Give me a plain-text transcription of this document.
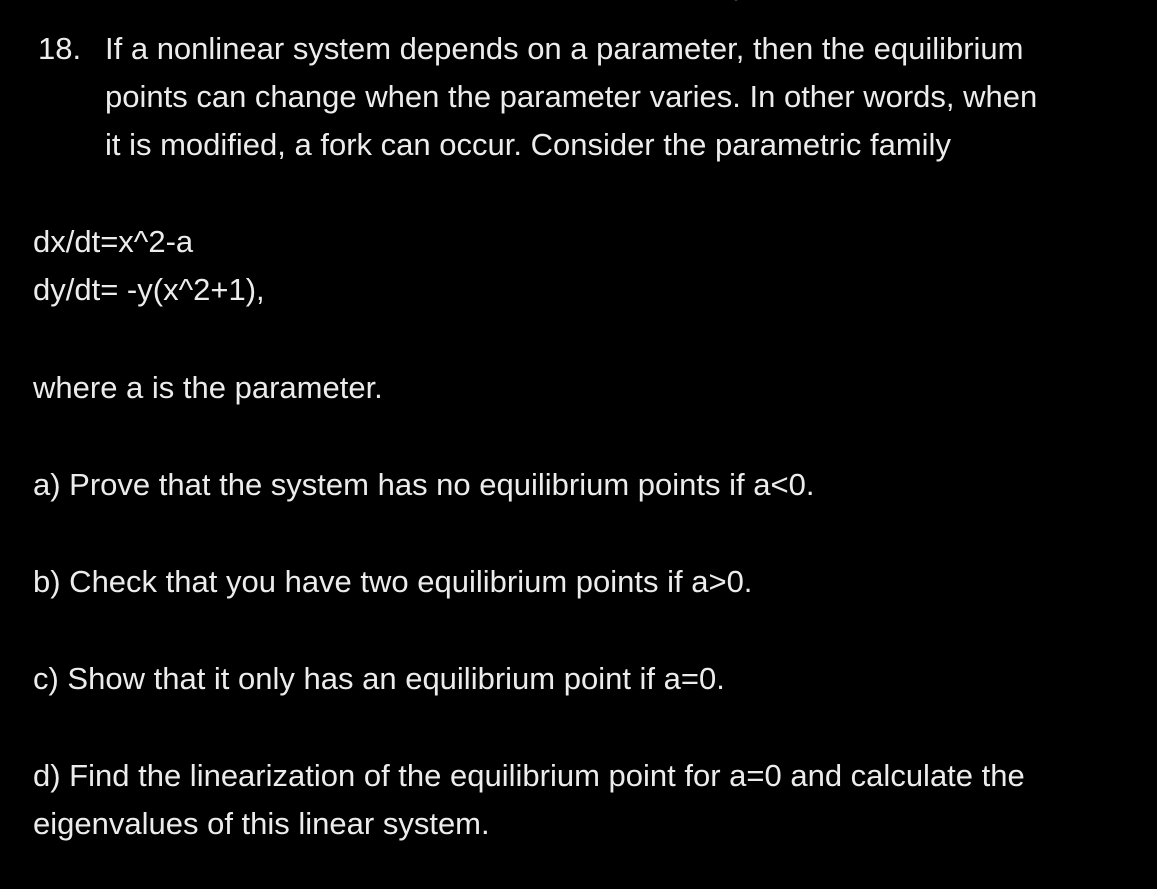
18. If a nonlinear system depends on a parameter, then the equilibrium
points can change when the parameter varies. In other words, when
it is modified, a fork can occur. Consider the parametric family
dx/dt=x^2-a
dy/dt= -y(x^2+1),
where a is the parameter.
a) Prove that the system has no equilibrium points if a<0.
b) Check that you have two equilibrium points if a>0.
c) Show that it only has an equilibrium point if a=0.
d) Find the linearization of the equilibrium point for a=0 and calculate the
eigenvalues of this linear system.
